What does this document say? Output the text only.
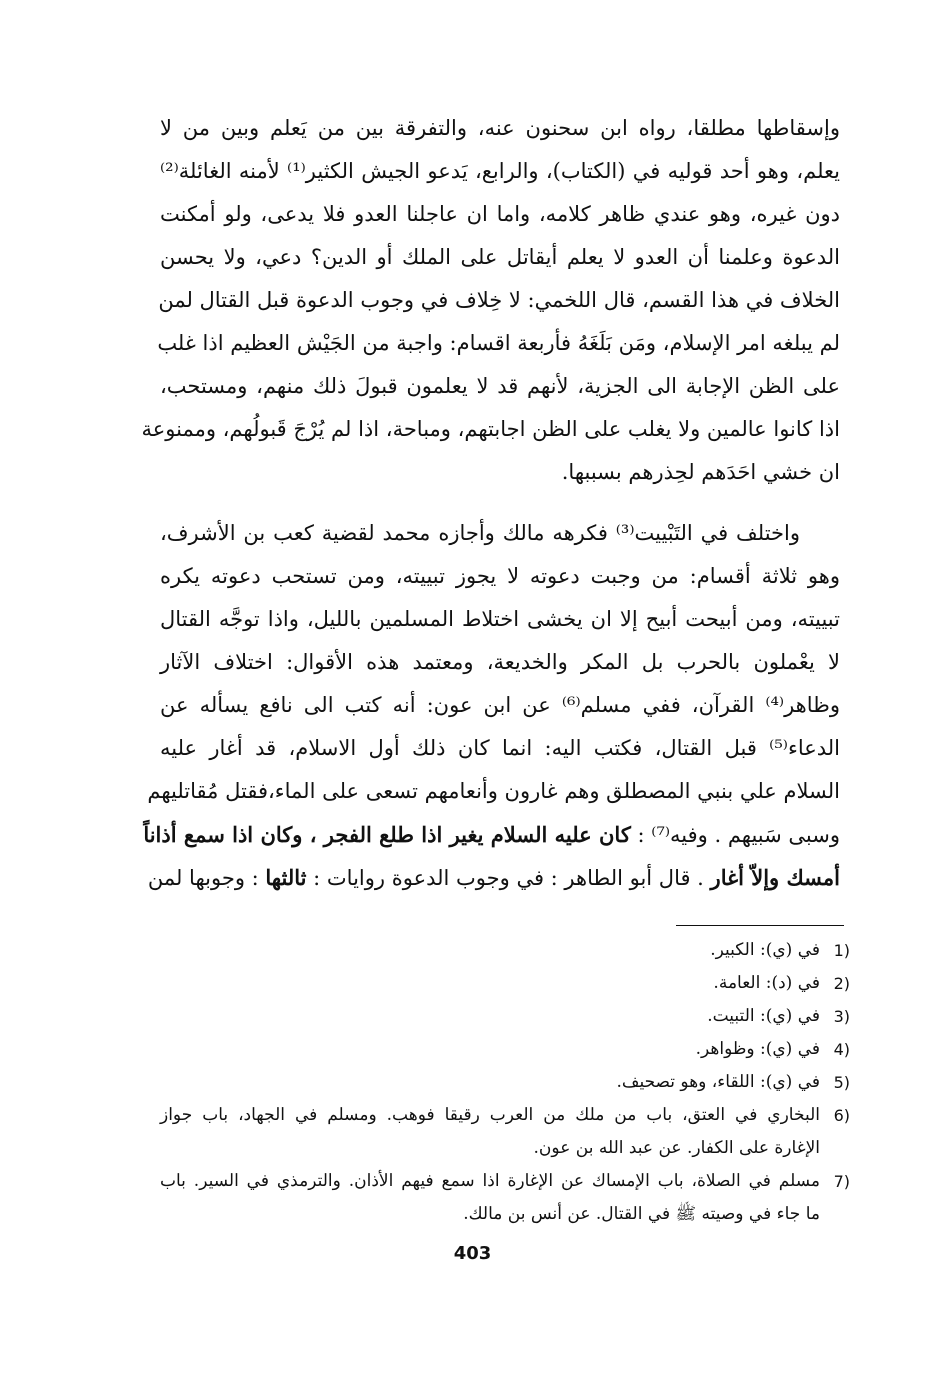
وإسقاطها مطلقا، رواه ابن سحنون عنه، والتفرقة بين من يَعلم وبين من لا
يعلم، وهو أحد قوليه في (الكتاب)، والرابع، يَدعو الجيش الكثير⁽¹⁾ لأمنه الغائلة⁽²⁾
دون غيره، وهو عندي ظاهر كلامه، واما ان عاجلنا العدو فلا يدعى، ولو أمكنت
الدعوة وعلمنا أن العدو لا يعلم أيقاتل على الملك أو الدين؟ دعي، ولا يحسن
الخلاف في هذا القسم، قال اللخمي: لا خِلاف في وجوب الدعوة قبل القتال لمن
لم يبلغه امر الإسلام، ومَن بَلَغَهُ فأربعة اقسام: واجبة من الجَيْش العظيم اذا غلب
على الظن الإجابة الى الجزية، لأنهم قد لا يعلمون قبولَ ذلك منهم، ومستحب،
اذا كانوا عالمين ولا يغلب على الظن اجابتهم، ومباحة، اذا لم يُرْجَ قَبولُهم، وممنوعة
ان خشي احَدَهم لحِذرهم بسببها.
واختلف في التَبْييت⁽³⁾ فكرهه مالك وأجازه محمد لقضية كعب بن الأشرف،
وهو ثلاثة أقسام: من وجبت دعوته لا يجوز تبييته، ومن تستحب دعوته يكره
تبييته، ومن أبيحت أبيح إلا ان يخشى اختلاط المسلمين بالليل، واذا توجَّه القتال
لا يعْملون بالحرب بل المكر والخديعة، ومعتمد هذه الأقوال: اختلاف الآثار
وظاهر⁽⁴⁾ القرآن، ففي مسلم⁽⁶⁾ عن ابن عون: أنه كتب الى نافع يسأله عن
الدعاء⁽⁵⁾ قبل القتال، فكتب اليه: انما كان ذلك أول الاسلام، قد أغار عليه
السلام علي بنبي المصطلق وهم غارون وأنعامهم تسعى على الماء،فقتل مُقاتليهم
وسبى سَبيهم . وفيه⁽⁷⁾ : كان عليه السلام يغير اذا طلع الفجر ، وكان اذا سمع أذاناً
أمسك وإلاّ أغار . قال أبو الطاهر : في وجوب الدعوة روايات : ثالثها : وجوبها لمن
1)
في (ي): الكبير.
2)
في (د): العامة.
3)
في (ي): التبيت.
4)
في (ي): وظواهر.
5)
في (ي): اللقاء، وهو تصحيف.
6)
البخاري في العتق، باب من ملك من العرب رقيقا فوهب. ومسلم في الجهاد، باب جواز
الإغارة على الكفار. عن عبد الله بن عون.
7)
مسلم في الصلاة، باب الإمساك عن الإغارة اذا سمع فيهم الأذان. والترمذي في السير. باب
ما جاء في وصيته ﷺ في القتال. عن أنس بن مالك.
403
